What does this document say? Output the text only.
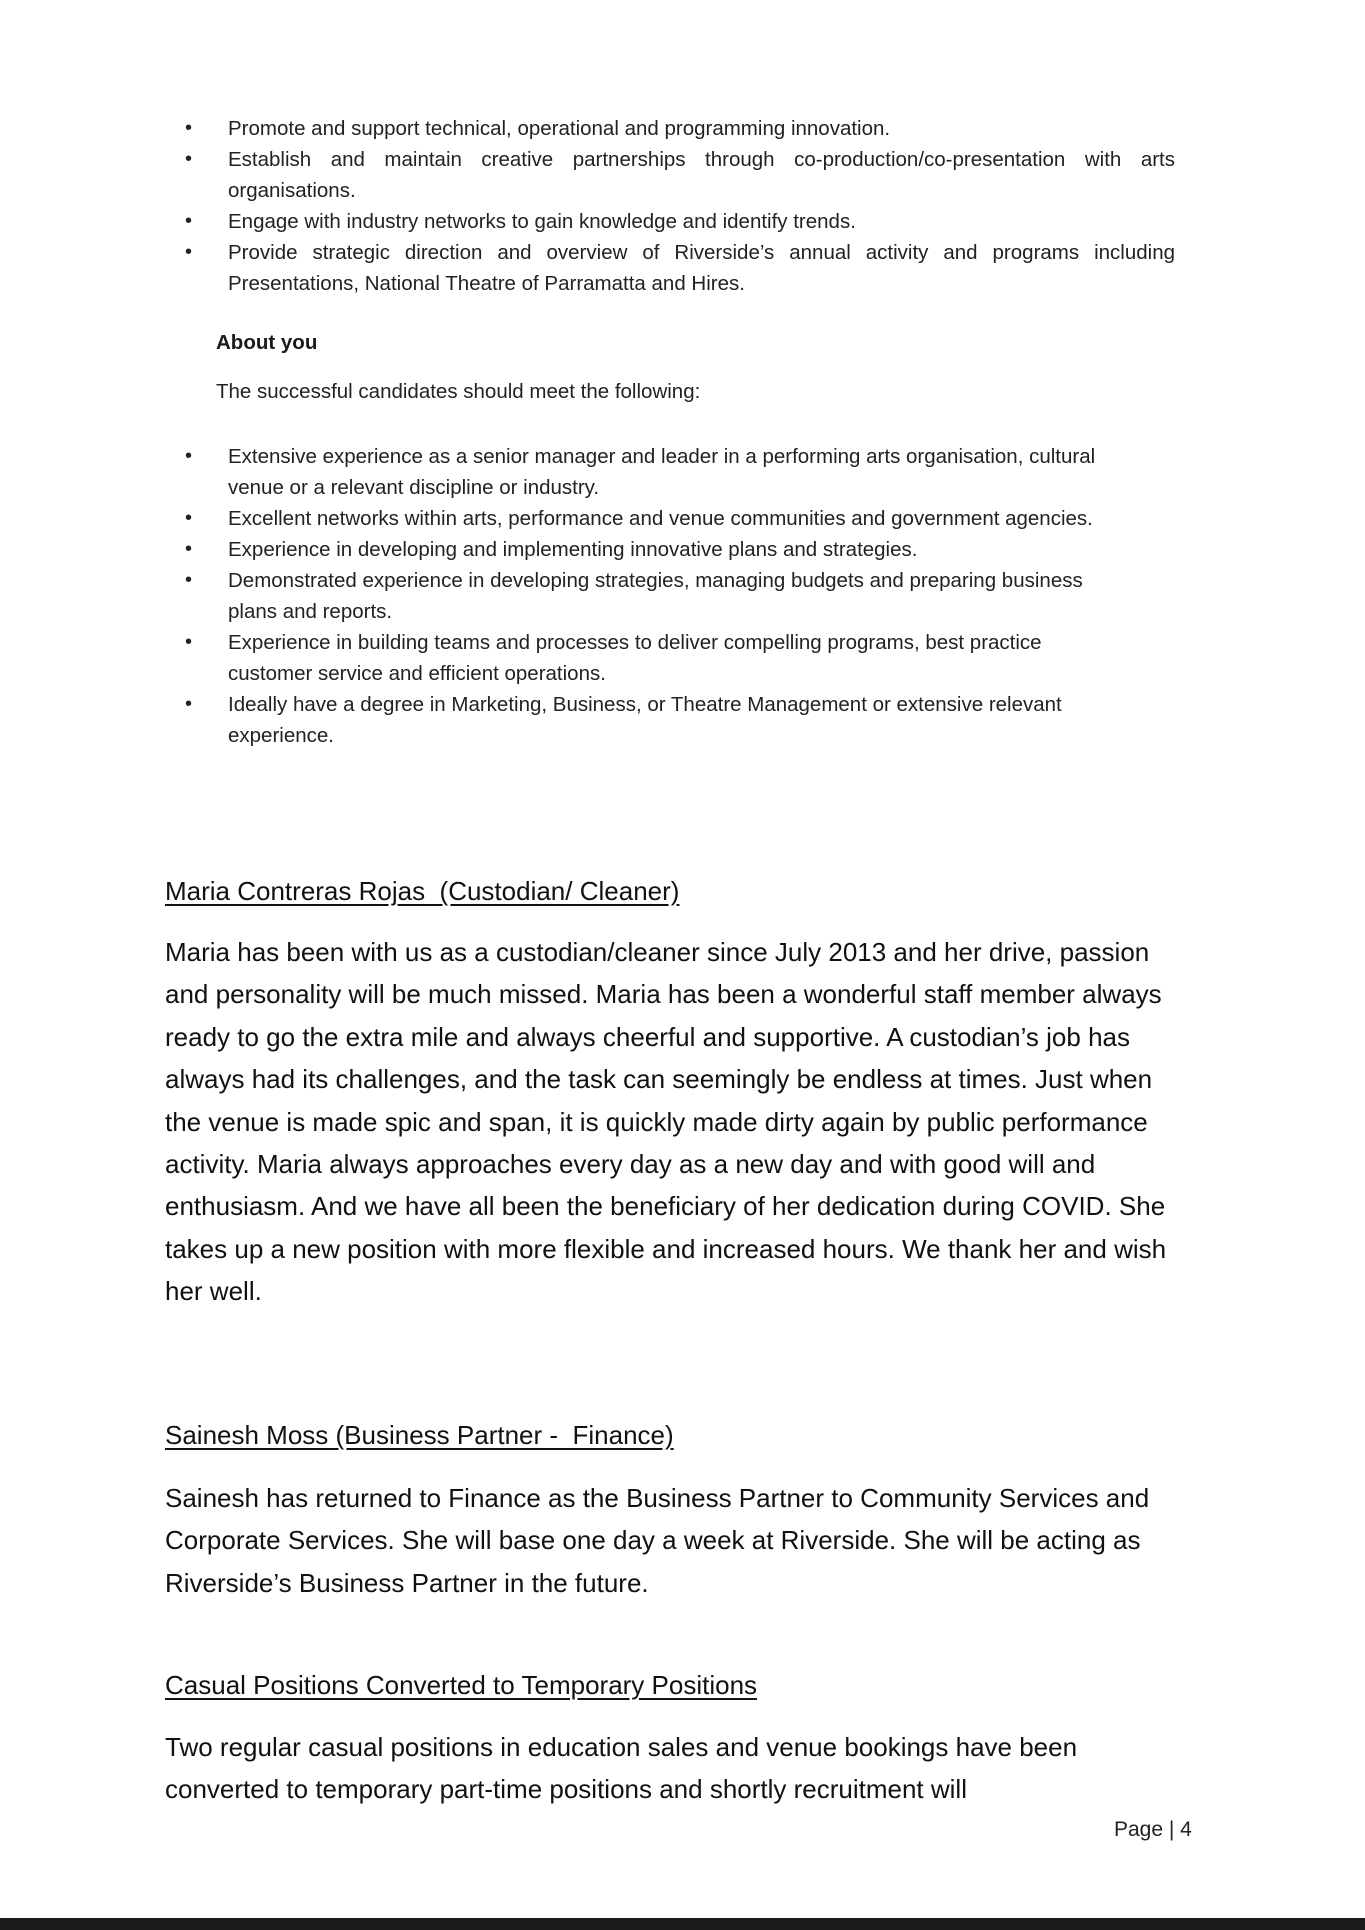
• Promote and support technical, operational and programming innovation.
• Establish and maintain creative partnerships through co-production/co-presentation with arts organisations.
• Engage with industry networks to gain knowledge and identify trends.
• Provide strategic direction and overview of Riverside’s annual activity and programs including Presentations, National Theatre of Parramatta and Hires.
About you
The successful candidates should meet the following:
• Extensive experience as a senior manager and leader in a performing arts organisation, cultural venue or a relevant discipline or industry.
• Excellent networks within arts, performance and venue communities and government agencies.
• Experience in developing and implementing innovative plans and strategies.
• Demonstrated experience in developing strategies, managing budgets and preparing business plans and reports.
• Experience in building teams and processes to deliver compelling programs, best practice customer service and efficient operations.
• Ideally have a degree in Marketing, Business, or Theatre Management or extensive relevant experience.
Maria Contreras Rojas  (Custodian/ Cleaner)

Maria has been with us as a custodian/cleaner since July 2013 and her drive, passion and personality will be much missed. Maria has been a wonderful staff member always ready to go the extra mile and always cheerful and supportive. A custodian’s job has always had its challenges, and the task can seemingly be endless at times. Just when the venue is made spic and span, it is quickly made dirty again by public performance activity. Maria always approaches every day as a new day and with good will and enthusiasm. And we have all been the beneficiary of her dedication during COVID. She takes up a new position with more flexible and increased hours. We thank her and wish her well.

Sainesh Moss (Business Partner -  Finance)

Sainesh has returned to Finance as the Business Partner to Community Services and Corporate Services. She will base one day a week at Riverside. She will be acting as Riverside’s Business Partner in the future.

Casual Positions Converted to Temporary Positions

Two regular casual positions in education sales and venue bookings have been converted to temporary part-time positions and shortly recruitment will

Page | 4
